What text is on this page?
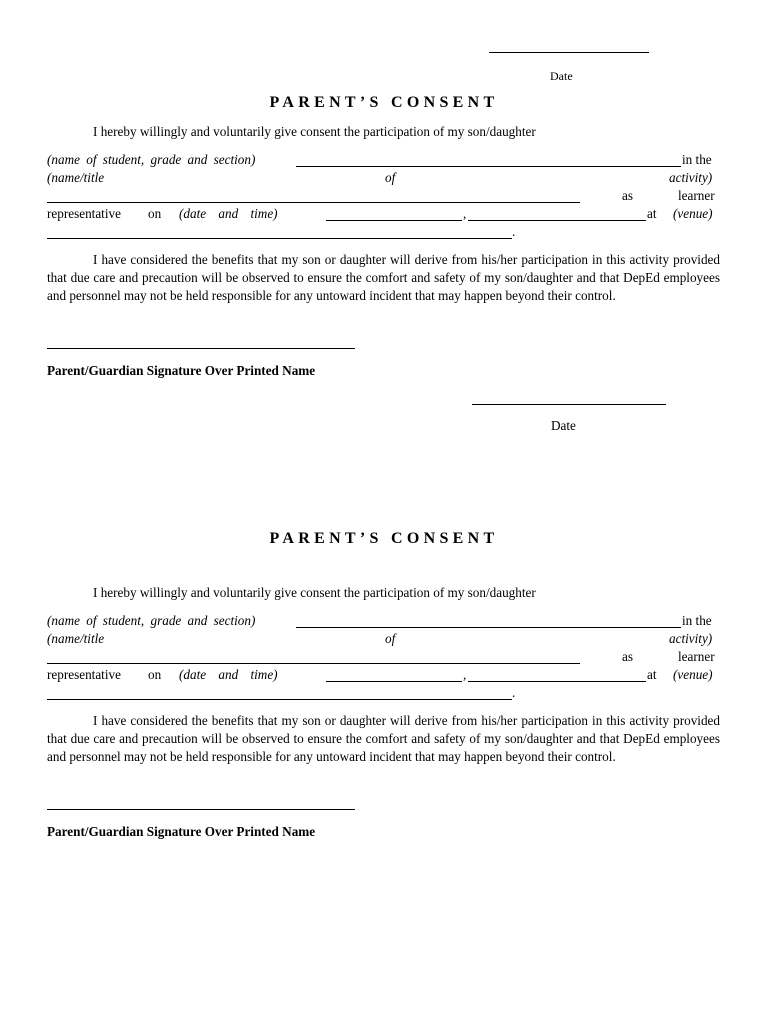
Date
PARENT’S CONSENT
I hereby willingly and voluntarily give consent the participation of my son/daughter
(name of student, grade and section)	in the
(name/title	of	activity)
as	learner
representative on (date and time)	,	at (venue)
.
I have considered the benefits that my son or daughter will derive from his/her participation in this activity provided that due care and precaution will be observed to ensure the comfort and safety of my son/daughter and that DepEd employees and personnel may not be held responsible for any untoward incident that may happen beyond their control.
Parent/Guardian Signature Over Printed Name
Date
PARENT’S CONSENT
I hereby willingly and voluntarily give consent the participation of my son/daughter
(name of student, grade and section)	in the
(name/title	of	activity)
as	learner
representative on (date and time)	,	at (venue)
.
I have considered the benefits that my son or daughter will derive from his/her participation in this activity provided that due care and precaution will be observed to ensure the comfort and safety of my son/daughter and that DepEd employees and personnel may not be held responsible for any untoward incident that may happen beyond their control.
Parent/Guardian Signature Over Printed Name
